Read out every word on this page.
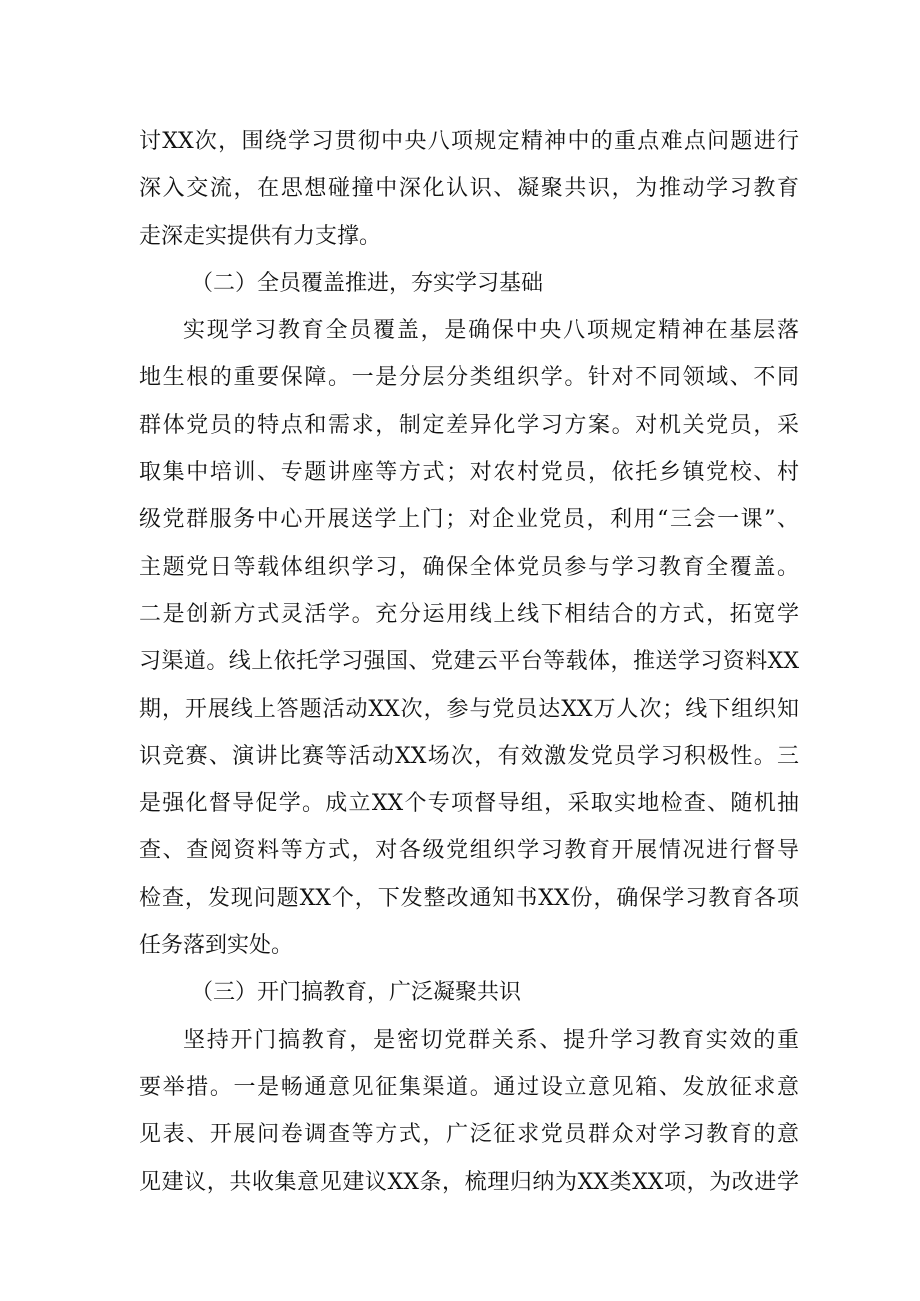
讨XX次，围绕学习贯彻中央八项规定精神中的重点难点问题进行
深入交流，在思想碰撞中深化认识、凝聚共识，为推动学习教育
走深走实提供有力支撑。
（二）全员覆盖推进，夯实学习基础
实现学习教育全员覆盖，是确保中央八项规定精神在基层落
地生根的重要保障。一是分层分类组织学。针对不同领域、不同
群体党员的特点和需求，制定差异化学习方案。对机关党员，采
取集中培训、专题讲座等方式；对农村党员，依托乡镇党校、村
级党群服务中心开展送学上门；对企业党员，利用“三会一课”、
主题党日等载体组织学习，确保全体党员参与学习教育全覆盖。
二是创新方式灵活学。充分运用线上线下相结合的方式，拓宽学
习渠道。线上依托学习强国、党建云平台等载体，推送学习资料XX
期，开展线上答题活动XX次，参与党员达XX万人次；线下组织知
识竞赛、演讲比赛等活动XX场次，有效激发党员学习积极性。三
是强化督导促学。成立XX个专项督导组，采取实地检查、随机抽
查、查阅资料等方式，对各级党组织学习教育开展情况进行督导
检查，发现问题XX个，下发整改通知书XX份，确保学习教育各项
任务落到实处。
（三）开门搞教育，广泛凝聚共识
坚持开门搞教育，是密切党群关系、提升学习教育实效的重
要举措。一是畅通意见征集渠道。通过设立意见箱、发放征求意
见表、开展问卷调查等方式，广泛征求党员群众对学习教育的意
见建议，共收集意见建议XX条，梳理归纳为XX类XX项，为改进学
